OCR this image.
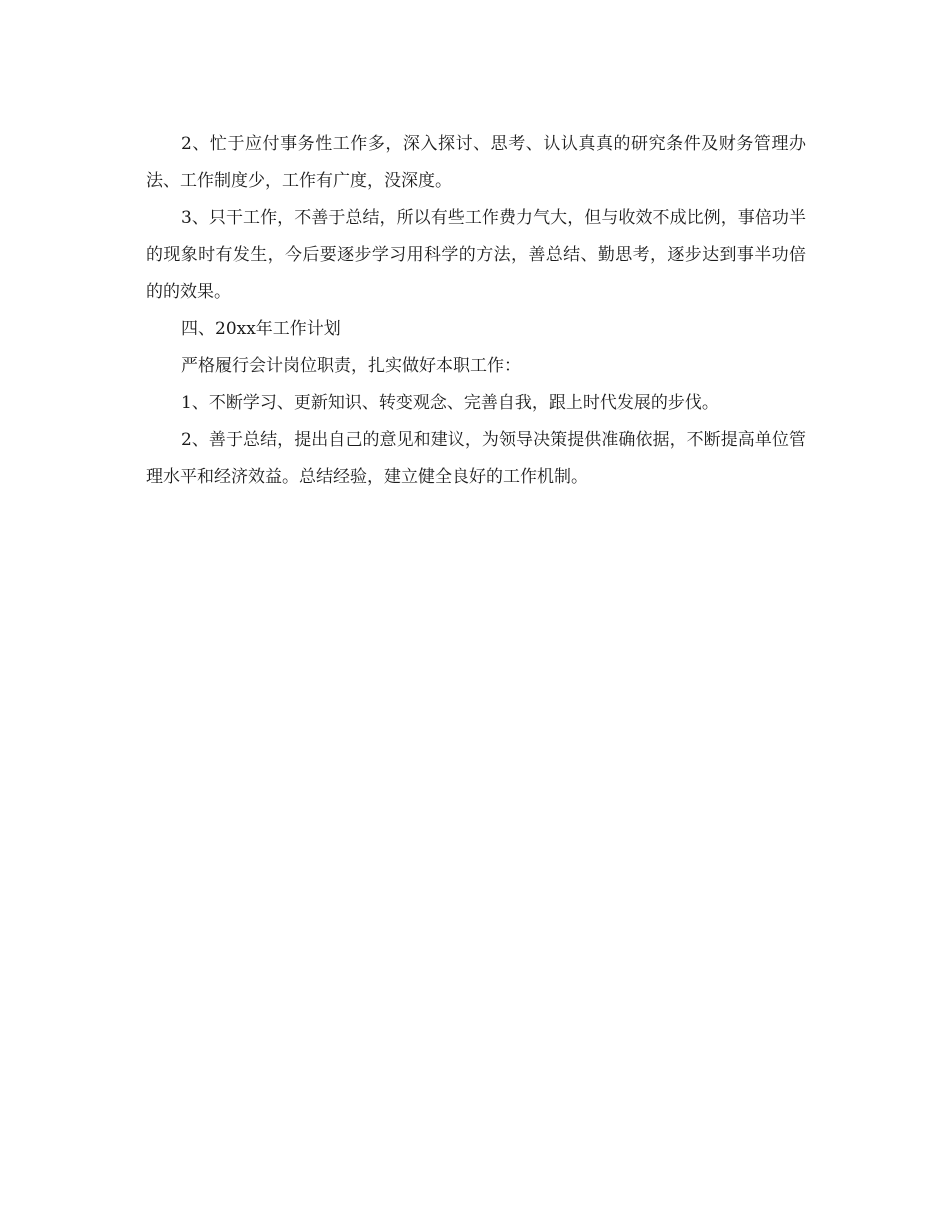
2、忙于应付事务性工作多，深入探讨、思考、认认真真的研究条件及财务管理办法、工作制度少，工作有广度，没深度。

3、只干工作，不善于总结，所以有些工作费力气大，但与收效不成比例，事倍功半的现象时有发生，今后要逐步学习用科学的方法，善总结、勤思考，逐步达到事半功倍的的效果。

四、20xx年工作计划

严格履行会计岗位职责，扎实做好本职工作：

1、不断学习、更新知识、转变观念、完善自我，跟上时代发展的步伐。

2、善于总结，提出自己的意见和建议，为领导决策提供准确依据，不断提高单位管理水平和经济效益。总结经验，建立健全良好的工作机制。
